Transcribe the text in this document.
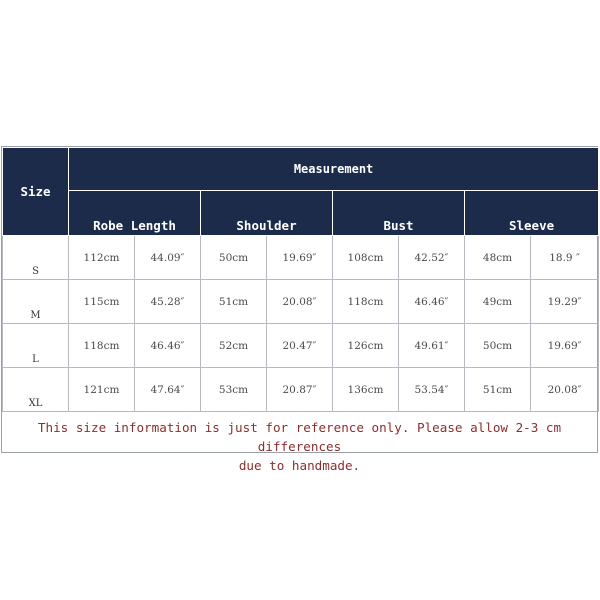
Size	Measurement							
	Robe Length		Shoulder		Bust		Sleeve	
S	112cm	44.09″	50cm	19.69″	108cm	42.52″	48cm	18.9 ″
M	115cm	45.28″	51cm	20.08″	118cm	46.46″	49cm	19.29″
L	118cm	46.46″	52cm	20.47″	126cm	49.61″	50cm	19.69″
XL	121cm	47.64″	53cm	20.87″	136cm	53.54″	51cm	20.08″
This size information is just for reference only. Please allow 2-3 cm differences
due to handmade.
